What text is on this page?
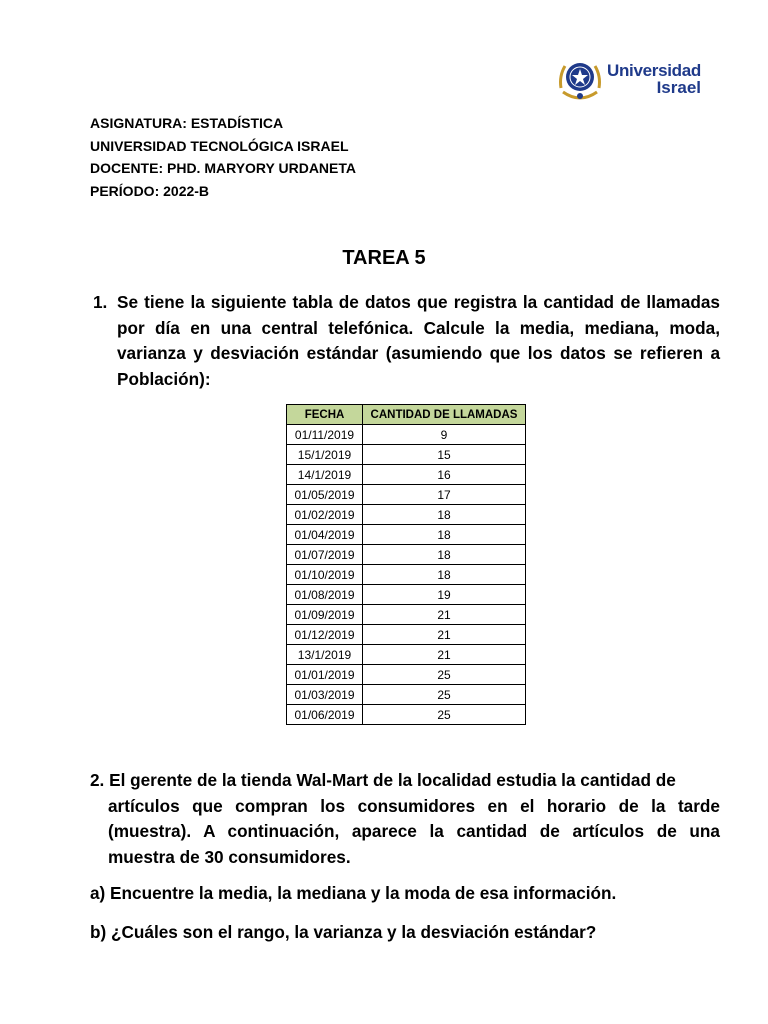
Universidad
Israel
ASIGNATURA: ESTADÍSTICA
UNIVERSIDAD TECNOLÓGICA ISRAEL
DOCENTE: PHD. MARYORY URDANETA
PERÍODO: 2022-B
TAREA 5
1. Se tiene la siguiente tabla de datos que registra la cantidad de llamadas por día en una central telefónica. Calcule la media, mediana, moda, varianza y desviación estándar (asumiendo que los datos se refieren a Población):
FECHA	CANTIDAD DE LLAMADAS
01/11/2019	9
15/1/2019	15
14/1/2019	16
01/05/2019	17
01/02/2019	18
01/04/2019	18
01/07/2019	18
01/10/2019	18
01/08/2019	19
01/09/2019	21
01/12/2019	21
13/1/2019	21
01/01/2019	25
01/03/2019	25
01/06/2019	25
2. El gerente de la tienda Wal-Mart de la localidad estudia la cantidad de
artículos que compran los consumidores en el horario de la tarde (muestra). A continuación, aparece la cantidad de artículos de una muestra de 30 consumidores.
a) Encuentre la media, la mediana y la moda de esa información.
b) ¿Cuáles son el rango, la varianza y la desviación estándar?
